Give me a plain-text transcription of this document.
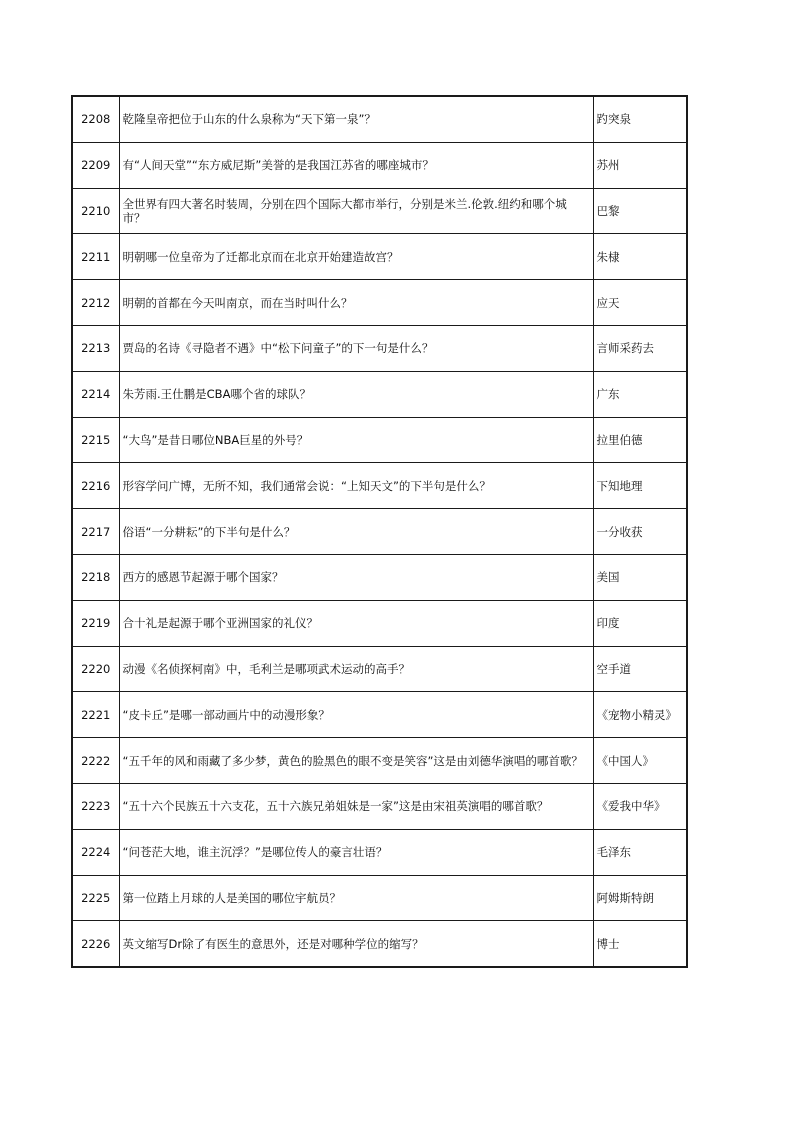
2208	乾隆皇帝把位于山东的什么泉称为“天下第一泉”？	趵突泉
2209	有“人间天堂”“东方威尼斯”美誉的是我国江苏省的哪座城市？	苏州
2210	全世界有四大著名时装周，分别在四个国际大都市举行，分别是米兰.伦敦.纽约和哪个城市？	巴黎
2211	明朝哪一位皇帝为了迁都北京而在北京开始建造故宫？	朱棣
2212	明朝的首都在今天叫南京，而在当时叫什么？	应天
2213	贾岛的名诗《寻隐者不遇》中“松下问童子”的下一句是什么？	言师采药去
2214	朱芳雨.王仕鹏是CBA哪个省的球队？	广东
2215	“大鸟”是昔日哪位NBA巨星的外号？	拉里伯德
2216	形容学问广博，无所不知，我们通常会说：“上知天文”的下半句是什么？	下知地理
2217	俗语“一分耕耘”的下半句是什么？	一分收获
2218	西方的感恩节起源于哪个国家？	美国
2219	合十礼是起源于哪个亚洲国家的礼仪？	印度
2220	动漫《名侦探柯南》中，毛利兰是哪项武术运动的高手？	空手道
2221	“皮卡丘”是哪一部动画片中的动漫形象？	《宠物小精灵》
2222	“五千年的风和雨藏了多少梦，黄色的脸黑色的眼不变是笑容”这是由刘德华演唱的哪首歌？	《中国人》
2223	“五十六个民族五十六支花，五十六族兄弟姐妹是一家”这是由宋祖英演唱的哪首歌？	《爱我中华》
2224	“问苍茫大地，谁主沉浮？”是哪位传人的豪言壮语？	毛泽东
2225	第一位踏上月球的人是美国的哪位宇航员？	阿姆斯特朗
2226	英文缩写Dr除了有医生的意思外，还是对哪种学位的缩写？	博士
